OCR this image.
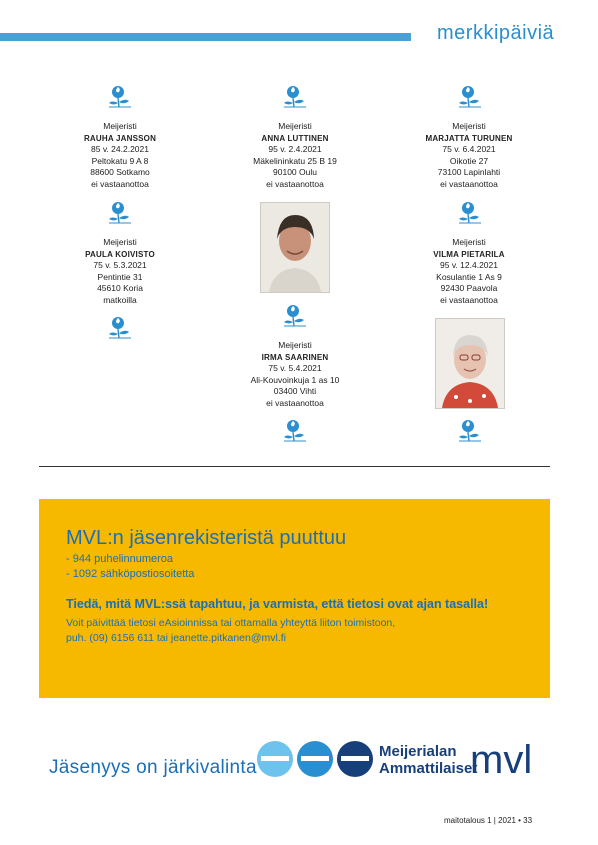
merkkipäiviä
Meijeristi
RAUHA JANSSON
85 v. 24.2.2021
Peltokatu 9 A 8
88600 Sotkamo
ei vastaanottoa
Meijeristi
PAULA KOIVISTO
75 v. 5.3.2021
Pentintie 31
45610 Koria
matkoilla
Meijeristi
ANNA LUTTINEN
95 v. 2.4.2021
Mäkelininkatu 25 B 19
90100 Oulu
ei vastaanottoa
Meijeristi
IRMA SAARINEN
75 v. 5.4.2021
Ali-Kouvoinkuja 1 as 10
03400 Vihti
ei vastaanottoa
Meijeristi
MARJATTA TURUNEN
75 v. 6.4.2021
Oikotie 27
73100 Lapinlahti
ei vastaanottoa
Meijeristi
VILMA PIETARILA
95 v. 12.4.2021
Kosulantie 1 As 9
92430 Paavola
ei vastaanottoa
MVL:n jäsenrekisteristä puuttuu
- 944 puhelinnumeroa
- 1092 sähköpostiosoitetta
Tiedä, mitä MVL:ssä tapahtuu, ja varmista, että tietosi ovat ajan tasalla!
Voit päivittää tietosi eAsioinnissa tai ottamalla yhteyttä liiton toimistoon,
puh. (09) 6156 611 tai jeanette.pitkanen@mvl.fi
Jäsenyys on järkivalinta
Meijerialan
Ammattilaiset
mvl
maitotalous 1 | 2021 • 33
